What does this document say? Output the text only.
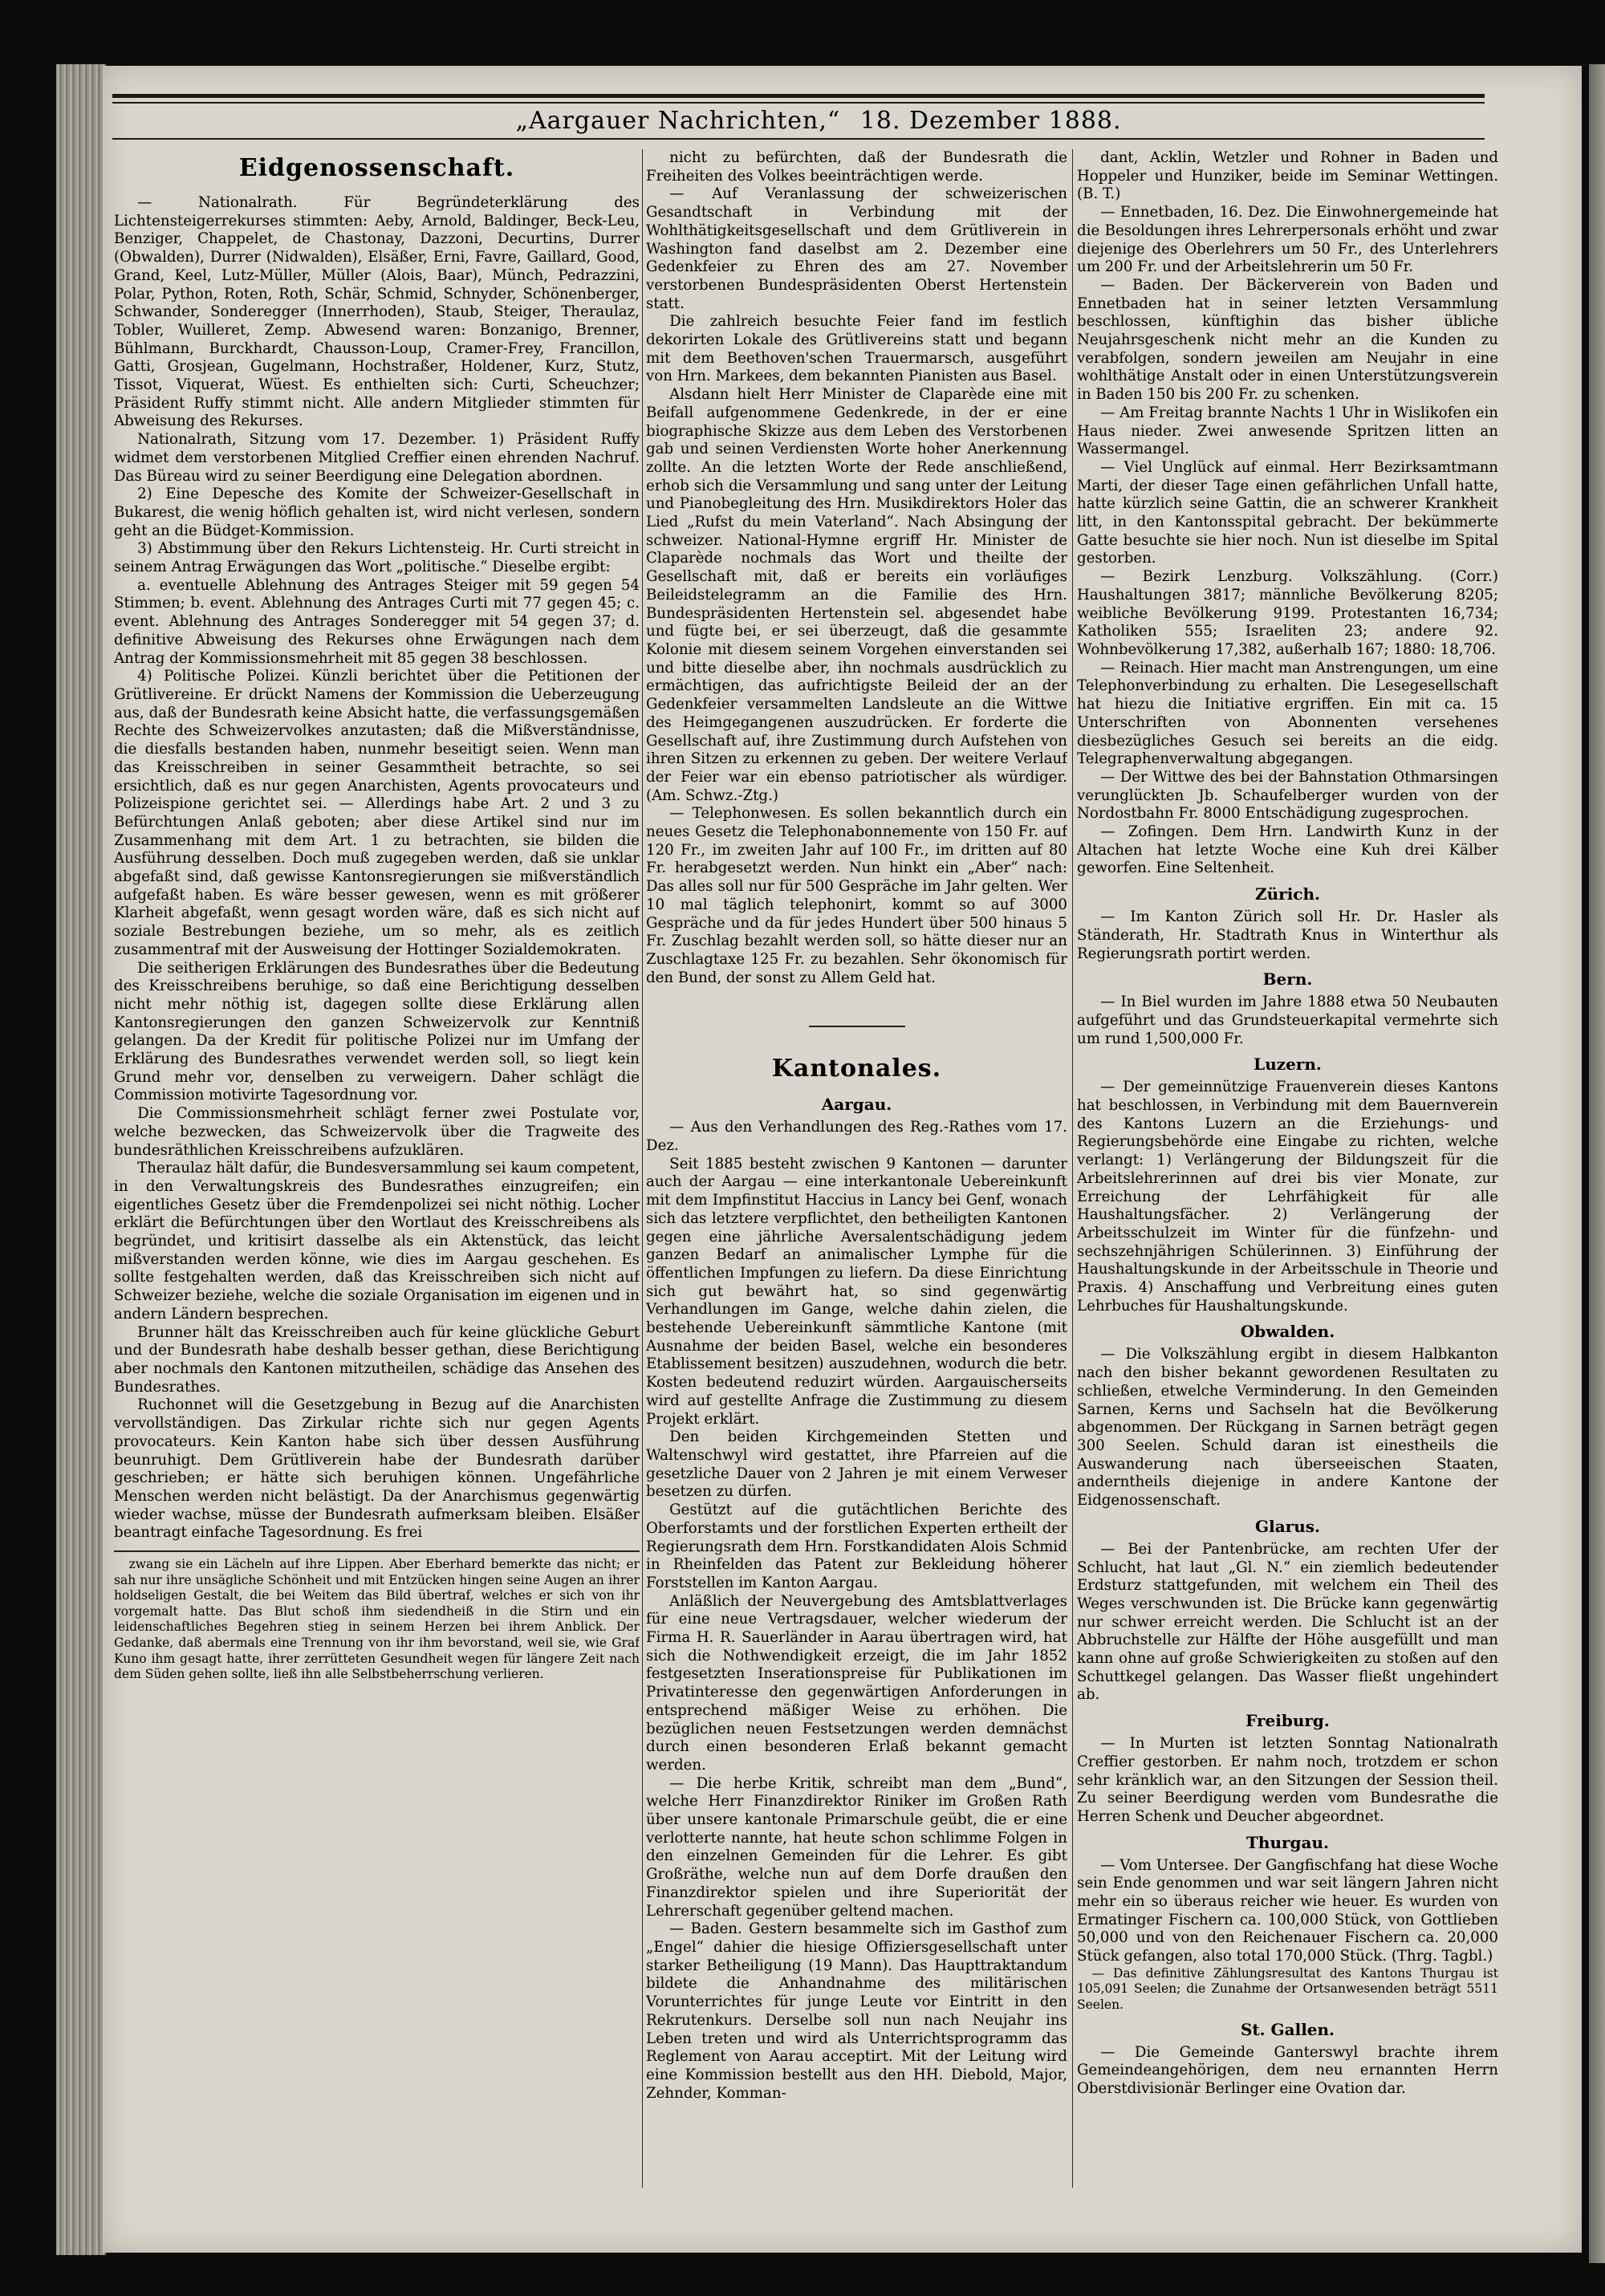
„Aargauer Nachrichten,“ 18. Dezember 1888.
Eidgenossenschaft.

— Nationalrath. Für Begründeterklärung des Lichtensteigerrekurses stimmten: Aeby, Arnold, Baldinger, Beck-Leu, Benziger, Chappelet, de Chastonay, Dazzoni, Decurtins, Durrer (Obwalden), Durrer (Nidwalden), Elsäßer, Erni, Favre, Gaillard, Good, Grand, Keel, Lutz-Müller, Müller (Alois, Baar), Münch, Pedrazzini, Polar, Python, Roten, Roth, Schär, Schmid, Schnyder, Schönenberger, Schwander, Sonderegger (Innerrhoden), Staub, Steiger, Theraulaz, Tobler, Wuilleret, Zemp. Abwesend waren: Bonzanigo, Brenner, Bühlmann, Burckhardt, Chausson-Loup, Cramer-Frey, Francillon, Gatti, Grosjean, Gugelmann, Hochstraßer, Holdener, Kurz, Stutz, Tissot, Viquerat, Wüest. Es enthielten sich: Curti, Scheuchzer; Präsident Ruffy stimmt nicht. Alle andern Mitglieder stimmten für Abweisung des Rekurses.

Nationalrath, Sitzung vom 17. Dezember. 1) Präsident Ruffy widmet dem verstorbenen Mitglied Creffier einen ehrenden Nachruf. Das Büreau wird zu seiner Beerdigung eine Delegation abordnen.

2) Eine Depesche des Komite der Schweizer-Gesellschaft in Bukarest, die wenig höflich gehalten ist, wird nicht verlesen, sondern geht an die Büdget-Kommission.

3) Abstimmung über den Rekurs Lichtensteig. Hr. Curti streicht in seinem Antrag Erwägungen das Wort „politische.“ Dieselbe ergibt:

a. eventuelle Ablehnung des Antrages Steiger mit 59 gegen 54 Stimmen; b. event. Ablehnung des Antrages Curti mit 77 gegen 45; c. event. Ablehnung des Antrages Sonderegger mit 54 gegen 37; d. definitive Abweisung des Rekurses ohne Erwägungen nach dem Antrag der Kommissionsmehrheit mit 85 gegen 38 beschlossen.

4) Politische Polizei. Künzli berichtet über die Petitionen der Grütlivereine. Er drückt Namens der Kommission die Ueberzeugung aus, daß der Bundesrath keine Absicht hatte, die verfassungsgemäßen Rechte des Schweizervolkes anzutasten; daß die Mißverständnisse, die diesfalls bestanden haben, nunmehr beseitigt seien. Wenn man das Kreisschreiben in seiner Gesammtheit betrachte, so sei ersichtlich, daß es nur gegen Anarchisten, Agents provocateurs und Polizeispione gerichtet sei. — Allerdings habe Art. 2 und 3 zu Befürchtungen Anlaß geboten; aber diese Artikel sind nur im Zusammenhang mit dem Art. 1 zu betrachten, sie bilden die Ausführung desselben. Doch muß zugegeben werden, daß sie unklar abgefaßt sind, daß gewisse Kantonsregierungen sie mißverständlich aufgefaßt haben. Es wäre besser gewesen, wenn es mit größerer Klarheit abgefaßt, wenn gesagt worden wäre, daß es sich nicht auf soziale Bestrebungen beziehe, um so mehr, als es zeitlich zusammentraf mit der Ausweisung der Hottinger Sozialdemokraten.

Die seitherigen Erklärungen des Bundesrathes über die Bedeutung des Kreisschreibens beruhige, so daß eine Berichtigung desselben nicht mehr nöthig ist, dagegen sollte diese Erklärung allen Kantonsregierungen den ganzen Schweizervolk zur Kenntniß gelangen. Da der Kredit für politische Polizei nur im Umfang der Erklärung des Bundesrathes verwendet werden soll, so liegt kein Grund mehr vor, denselben zu verweigern. Daher schlägt die Commission motivirte Tagesordnung vor.

Die Commissionsmehrheit schlägt ferner zwei Postulate vor, welche bezwecken, das Schweizervolk über die Tragweite des bundesräthlichen Kreisschreibens aufzuklären.

Theraulaz hält dafür, die Bundesversammlung sei kaum competent, in den Verwaltungskreis des Bundesrathes einzugreifen; ein eigentliches Gesetz über die Fremdenpolizei sei nicht nöthig. Locher erklärt die Befürchtungen über den Wortlaut des Kreisschreibens als begründet, und kritisirt dasselbe als ein Aktenstück, das leicht mißverstanden werden könne, wie dies im Aargau geschehen. Es sollte festgehalten werden, daß das Kreisschreiben sich nicht auf Schweizer beziehe, welche die soziale Organisation im eigenen und in andern Ländern besprechen.

Brunner hält das Kreisschreiben auch für keine glückliche Geburt und der Bundesrath habe deshalb besser gethan, diese Berichtigung aber nochmals den Kantonen mitzutheilen, schädige das Ansehen des Bundesrathes.

Ruchonnet will die Gesetzgebung in Bezug auf die Anarchisten vervollständigen. Das Zirkular richte sich nur gegen Agents provocateurs. Kein Kanton habe sich über dessen Ausführung beunruhigt. Dem Grütliverein habe der Bundesrath darüber geschrieben; er hätte sich beruhigen können. Ungefährliche Menschen werden nicht belästigt. Da der Anarchismus gegenwärtig wieder wachse, müsse der Bundesrath aufmerksam bleiben. Elsäßer beantragt einfache Tagesordnung. Es frei

zwang sie ein Lächeln auf ihre Lippen. Aber Eberhard bemerkte das nicht; er sah nur ihre unsägliche Schönheit und mit Entzücken hingen seine Augen an ihrer holdseligen Gestalt, die bei Weitem das Bild übertraf, welches er sich von ihr vorgemalt hatte. Das Blut schoß ihm siedendheiß in die Stirn und ein leidenschaftliches Begehren stieg in seinem Herzen bei ihrem Anblick. Der Gedanke, daß abermals eine Trennung von ihr ihm bevorstand, weil sie, wie Graf Kuno ihm gesagt hatte, ihrer zerrütteten Gesundheit wegen für längere Zeit nach dem Süden gehen sollte, ließ ihn alle Selbstbeherrschung verlieren.

nicht zu befürchten, daß der Bundesrath die Freiheiten des Volkes beeinträchtigen werde.

— Auf Veranlassung der schweizerischen Gesandtschaft in Verbindung mit der Wohlthätigkeitsgesellschaft und dem Grütliverein in Washington fand daselbst am 2. Dezember eine Gedenkfeier zu Ehren des am 27. November verstorbenen Bundespräsidenten Oberst Hertenstein statt.

Die zahlreich besuchte Feier fand im festlich dekorirten Lokale des Grütlivereins statt und begann mit dem Beethoven'schen Trauermarsch, ausgeführt von Hrn. Markees, dem bekannten Pianisten aus Basel.

Alsdann hielt Herr Minister de Claparède eine mit Beifall aufgenommene Gedenkrede, in der er eine biographische Skizze aus dem Leben des Verstorbenen gab und seinen Verdiensten Worte hoher Anerkennung zollte. An die letzten Worte der Rede anschließend, erhob sich die Versammlung und sang unter der Leitung und Pianobegleitung des Hrn. Musikdirektors Holer das Lied „Rufst du mein Vaterland“. Nach Absingung der schweizer. National-Hymne ergriff Hr. Minister de Claparède nochmals das Wort und theilte der Gesellschaft mit, daß er bereits ein vorläufiges Beileidstelegramm an die Familie des Hrn. Bundespräsidenten Hertenstein sel. abgesendet habe und fügte bei, er sei überzeugt, daß die gesammte Kolonie mit diesem seinem Vorgehen einverstanden sei und bitte dieselbe aber, ihn nochmals ausdrücklich zu ermächtigen, das aufrichtigste Beileid der an der Gedenkfeier versammelten Landsleute an die Wittwe des Heimgegangenen auszudrücken. Er forderte die Gesellschaft auf, ihre Zustimmung durch Aufstehen von ihren Sitzen zu erkennen zu geben. Der weitere Verlauf der Feier war ein ebenso patriotischer als würdiger. (Am. Schwz.-Ztg.)

— Telephonwesen. Es sollen bekanntlich durch ein neues Gesetz die Telephonabonnemente von 150 Fr. auf 120 Fr., im zweiten Jahr auf 100 Fr., im dritten auf 80 Fr. herabgesetzt werden. Nun hinkt ein „Aber“ nach: Das alles soll nur für 500 Gespräche im Jahr gelten. Wer 10 mal täglich telephonirt, kommt so auf 3000 Gespräche und da für jedes Hundert über 500 hinaus 5 Fr. Zuschlag bezahlt werden soll, so hätte dieser nur an Zuschlagtaxe 125 Fr. zu bezahlen. Sehr ökonomisch für den Bund, der sonst zu Allem Geld hat.

Kantonales.
Aargau.

— Aus den Verhandlungen des Reg.-Rathes vom 17. Dez.

Seit 1885 besteht zwischen 9 Kantonen — darunter auch der Aargau — eine interkantonale Uebereinkunft mit dem Impfinstitut Haccius in Lancy bei Genf, wonach sich das letztere verpflichtet, den betheiligten Kantonen gegen eine jährliche Aversalentschädigung jedem ganzen Bedarf an animalischer Lymphe für die öffentlichen Impfungen zu liefern. Da diese Einrichtung sich gut bewährt hat, so sind gegenwärtig Verhandlungen im Gange, welche dahin zielen, die bestehende Uebereinkunft sämmtliche Kantone (mit Ausnahme der beiden Basel, welche ein besonderes Etablissement besitzen) auszudehnen, wodurch die betr. Kosten bedeutend reduzirt würden. Aargauischerseits wird auf gestellte Anfrage die Zustimmung zu diesem Projekt erklärt.

Den beiden Kirchgemeinden Stetten und Waltenschwyl wird gestattet, ihre Pfarreien auf die gesetzliche Dauer von 2 Jahren je mit einem Verweser besetzen zu dürfen.

Gestützt auf die gutächtlichen Berichte des Oberforstamts und der forstlichen Experten ertheilt der Regierungsrath dem Hrn. Forstkandidaten Alois Schmid in Rheinfelden das Patent zur Bekleidung höherer Forststellen im Kanton Aargau.

Anläßlich der Neuvergebung des Amtsblattverlages für eine neue Vertragsdauer, welcher wiederum der Firma H. R. Sauerländer in Aarau übertragen wird, hat sich die Nothwendigkeit erzeigt, die im Jahr 1852 festgesetzten Inserationspreise für Publikationen im Privatinteresse den gegenwärtigen Anforderungen in entsprechend mäßiger Weise zu erhöhen. Die bezüglichen neuen Festsetzungen werden demnächst durch einen besonderen Erlaß bekannt gemacht werden.

— Die herbe Kritik, schreibt man dem „Bund“, welche Herr Finanzdirektor Riniker im Großen Rath über unsere kantonale Primarschule geübt, die er eine verlotterte nannte, hat heute schon schlimme Folgen in den einzelnen Gemeinden für die Lehrer. Es gibt Großräthe, welche nun auf dem Dorfe draußen den Finanzdirektor spielen und ihre Superiorität der Lehrerschaft gegenüber geltend machen.

— Baden. Gestern besammelte sich im Gasthof zum „Engel“ dahier die hiesige Offiziersgesellschaft unter starker Betheiligung (19 Mann). Das Haupttraktandum bildete die Anhandnahme des militärischen Vorunterrichtes für junge Leute vor Eintritt in den Rekrutenkurs. Derselbe soll nun nach Neujahr ins Leben treten und wird als Unterrichtsprogramm das Reglement von Aarau acceptirt. Mit der Leitung wird eine Kommission bestellt aus den HH. Diebold, Major, Zehnder, Komman-

dant, Acklin, Wetzler und Rohner in Baden und Hoppeler und Hunziker, beide im Seminar Wettingen. (B. T.)

— Ennetbaden, 16. Dez. Die Einwohnergemeinde hat die Besoldungen ihres Lehrerpersonals erhöht und zwar diejenige des Oberlehrers um 50 Fr., des Unterlehrers um 200 Fr. und der Arbeitslehrerin um 50 Fr.

— Baden. Der Bäckerverein von Baden und Ennetbaden hat in seiner letzten Versammlung beschlossen, künftighin das bisher übliche Neujahrsgeschenk nicht mehr an die Kunden zu verabfolgen, sondern jeweilen am Neujahr in eine wohlthätige Anstalt oder in einen Unterstützungsverein in Baden 150 bis 200 Fr. zu schenken.

— Am Freitag brannte Nachts 1 Uhr in Wislikofen ein Haus nieder. Zwei anwesende Spritzen litten an Wassermangel.

— Viel Unglück auf einmal. Herr Bezirksamtmann Marti, der dieser Tage einen gefährlichen Unfall hatte, hatte kürzlich seine Gattin, die an schwerer Krankheit litt, in den Kantonsspital gebracht. Der bekümmerte Gatte besuchte sie hier noch. Nun ist dieselbe im Spital gestorben.

— Bezirk Lenzburg. Volkszählung. (Corr.) Haushaltungen 3817; männliche Bevölkerung 8205; weibliche Bevölkerung 9199. Protestanten 16,734; Katholiken 555; Israeliten 23; andere 92. Wohnbevölkerung 17,382, außerhalb 167; 1880: 18,706.

— Reinach. Hier macht man Anstrengungen, um eine Telephonverbindung zu erhalten. Die Lesegesellschaft hat hiezu die Initiative ergriffen. Ein mit ca. 15 Unterschriften von Abonnenten versehenes diesbezügliches Gesuch sei bereits an die eidg. Telegraphenverwaltung abgegangen.

— Der Wittwe des bei der Bahnstation Othmarsingen verunglückten Jb. Schaufelberger wurden von der Nordostbahn Fr. 8000 Entschädigung zugesprochen.

— Zofingen. Dem Hrn. Landwirth Kunz in der Altachen hat letzte Woche eine Kuh drei Kälber geworfen. Eine Seltenheit.

Zürich.

— Im Kanton Zürich soll Hr. Dr. Hasler als Ständerath, Hr. Stadtrath Knus in Winterthur als Regierungsrath portirt werden.

Bern.

— In Biel wurden im Jahre 1888 etwa 50 Neubauten aufgeführt und das Grundsteuerkapital vermehrte sich um rund 1,500,000 Fr.

Luzern.

— Der gemeinnützige Frauenverein dieses Kantons hat beschlossen, in Verbindung mit dem Bauernverein des Kantons Luzern an die Erziehungs- und Regierungsbehörde eine Eingabe zu richten, welche verlangt: 1) Verlängerung der Bildungszeit für die Arbeitslehrerinnen auf drei bis vier Monate, zur Erreichung der Lehrfähigkeit für alle Haushaltungsfächer. 2) Verlängerung der Arbeitsschulzeit im Winter für die fünfzehn- und sechszehnjährigen Schülerinnen. 3) Einführung der Haushaltungskunde in der Arbeitsschule in Theorie und Praxis. 4) Anschaffung und Verbreitung eines guten Lehrbuches für Haushaltungskunde.

Obwalden.

— Die Volkszählung ergibt in diesem Halbkanton nach den bisher bekannt gewordenen Resultaten zu schließen, etwelche Verminderung. In den Gemeinden Sarnen, Kerns und Sachseln hat die Bevölkerung abgenommen. Der Rückgang in Sarnen beträgt gegen 300 Seelen. Schuld daran ist einestheils die Auswanderung nach überseeischen Staaten, anderntheils diejenige in andere Kantone der Eidgenossenschaft.

Glarus.

— Bei der Pantenbrücke, am rechten Ufer der Schlucht, hat laut „Gl. N.“ ein ziemlich bedeutender Erdsturz stattgefunden, mit welchem ein Theil des Weges verschwunden ist. Die Brücke kann gegenwärtig nur schwer erreicht werden. Die Schlucht ist an der Abbruchstelle zur Hälfte der Höhe ausgefüllt und man kann ohne auf große Schwierigkeiten zu stoßen auf den Schuttkegel gelangen. Das Wasser fließt ungehindert ab.

Freiburg.

— In Murten ist letzten Sonntag Nationalrath Creffier gestorben. Er nahm noch, trotzdem er schon sehr kränklich war, an den Sitzungen der Session theil. Zu seiner Beerdigung werden vom Bundesrathe die Herren Schenk und Deucher abgeordnet.

Thurgau.

— Vom Untersee. Der Gangfischfang hat diese Woche sein Ende genommen und war seit längern Jahren nicht mehr ein so überaus reicher wie heuer. Es wurden von Ermatinger Fischern ca. 100,000 Stück, von Gottlieben 50,000 und von den Reichenauer Fischern ca. 20,000 Stück gefangen, also total 170,000 Stück. (Thrg. Tagbl.)

— Das definitive Zählungsresultat des Kantons Thurgau ist 105,091 Seelen; die Zunahme der Ortsanwesenden beträgt 5511 Seelen.

St. Gallen.

— Die Gemeinde Ganterswyl brachte ihrem Gemeindeangehörigen, dem neu ernannten Herrn Oberstdivisionär Berlinger eine Ovation dar.
